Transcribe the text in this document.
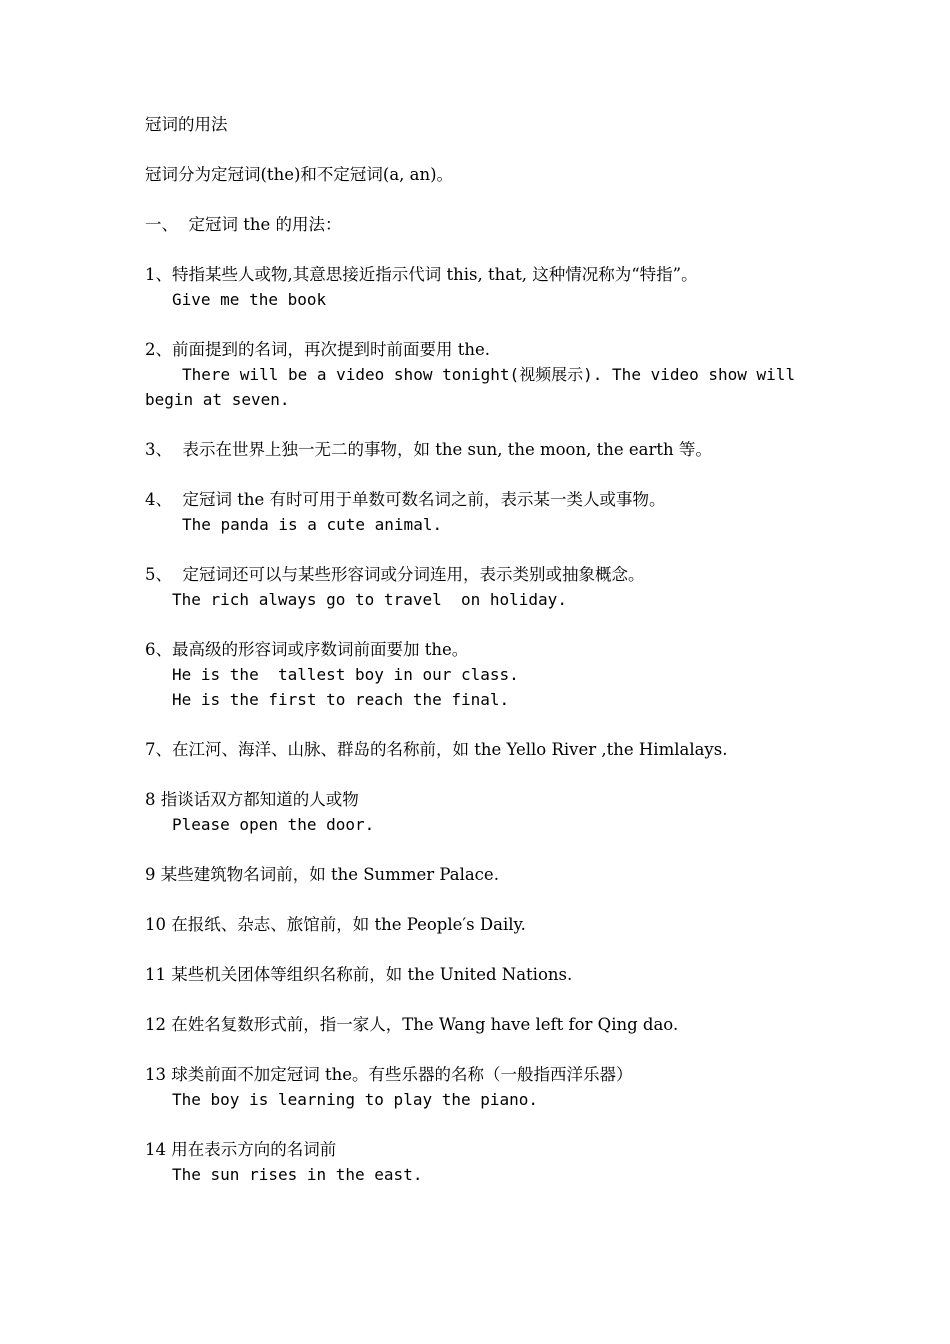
冠词的用法

冠词分为定冠词(the)和不定冠词(a, an)。

一、  定冠词 the 的用法：

1、特指某些人或物,其意思接近指示代词 this, that, 这种情况称为“特指”。

Give me the book

2、前面提到的名词，再次提到时前面要用 the.

There will be a video show tonight(视频展示). The video show will

begin at seven.

3、  表示在世界上独一无二的事物，如 the sun, the moon, the earth 等。

4、  定冠词 the 有时可用于单数可数名词之前，表示某一类人或事物。

The panda is a cute animal.

5、  定冠词还可以与某些形容词或分词连用，表示类别或抽象概念。

The rich always go to travel  on holiday.

6、最高级的形容词或序数词前面要加 the。

He is the  tallest boy in our class.

He is the first to reach the final.

7、在江河、海洋、山脉、群岛的名称前，如 the Yello River ,the Himlalays.

8 指谈话双方都知道的人或物

Please open the door.

9 某些建筑物名词前，如 the Summer Palace.

10 在报纸、杂志、旅馆前，如 the People′s Daily.

11 某些机关团体等组织名称前，如 the United Nations.

12 在姓名复数形式前，指一家人，The Wang have left for Qing dao.

13 球类前面不加定冠词 the。有些乐器的名称（一般指西洋乐器）

The boy is learning to play the piano.

14 用在表示方向的名词前

The sun rises in the east.
